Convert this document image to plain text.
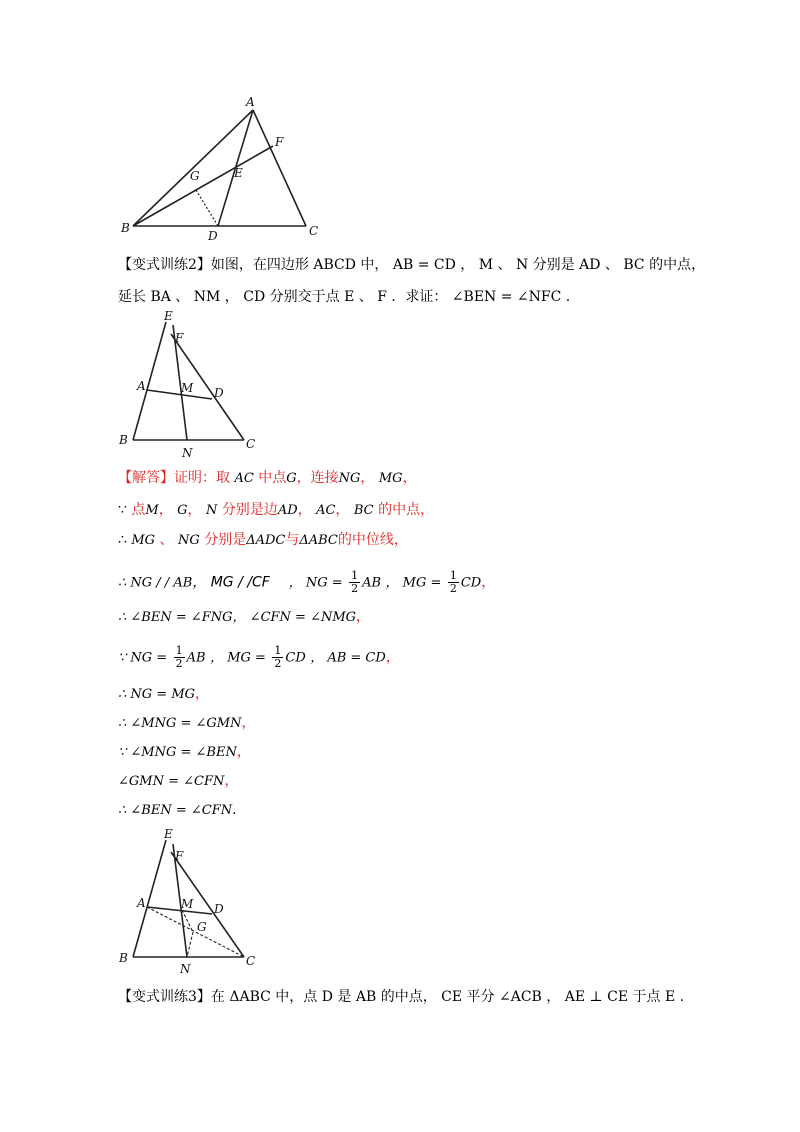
A
F
G	E
B
D	C
【变式训练2】如图，在四边形 ABCD 中， AB = CD ， M 、 N 分别是 AD 、 BC 的中点，
延长 BA 、 NM ， CD 分别交于点 E 、 F ．求证： ∠BEN = ∠NFC .
E
F
A	M D
B
N
C
【解答】证明：取 AC 中点G，连接NG， MG，
∵ 点M， G， N 分别是边AD， AC， BC 的中点，
∴ MG 、 NG 分别是ΔADC与ΔABC的中位线，
∴ NG / / AB， MG / /CF ， NG = $\frac{1}{2}$ AB ， MG = $\frac{1}{2}$ CD，
∴ ∠BEN = ∠FNG， ∠CFN = ∠NMG，
∵ NG = $\frac{1}{2}$ AB ， MG = $\frac{1}{2}$ CD ， AB = CD，
∴ NG = MG，
∴ ∠MNG = ∠GMN，
∵ ∠MNG = ∠BEN，
∠GMN = ∠CFN，
∴ ∠BEN = ∠CFN.
E
F
A	M D
G
B
N
C
【变式训练3】在 ΔABC 中，点 D 是 AB 的中点， CE 平分 ∠ACB ， AE ⊥ CE 于点 E .
